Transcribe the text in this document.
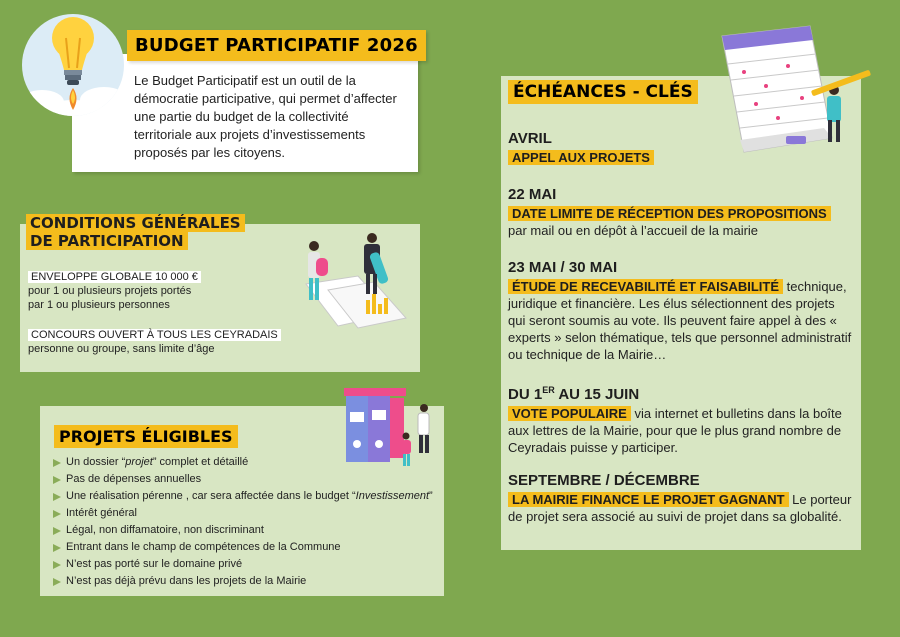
Le Budget Participatif est un outil de la démocratie participative, qui permet d’affecter une partie du budget de la collectivité territoriale aux projets d’investissements proposés par les citoyens.

BUDGET PARTICIPATIF 2026
ENVELOPPE GLOBALE 10 000 €
pour 1 ou plusieurs projets portés
par 1 ou plusieurs personnes
CONCOURS OUVERT À TOUS LES CEYRADAIS
personne ou groupe, sans limite d’âge
CONDITIONS GÉNÉRALES
DE PARTICIPATION
Un dossier “projet” complet et détaillé
Pas de dépenses annuelles
Une réalisation pérenne , car sera affectée dans le budget “Investissement”
Intérêt général
Légal, non diffamatoire, non discriminant
Entrant dans le champ de compétences de la Commune
N’est pas porté sur le domaine privé
N’est pas déjà prévu dans les projets de la Mairie
PROJETS ÉLIGIBLES
AVRIL
APPEL AUX PROJETS
22 MAI
DATE LIMITE DE RÉCEPTION DES PROPOSITIONS par mail ou en dépôt à l’accueil de la mairie
23 MAI / 30 MAI
ÉTUDE DE RECEVABILITÉ ET FAISABILITÉ technique, juridique et financière. Les élus sélectionnent des projets qui seront soumis au vote. Ils peuvent faire appel à des « experts » selon thématique, tels que personnel administratif ou technique de la Mairie…
DU 1ER AU 15 JUIN
VOTE POPULAIRE via internet et bulletins dans la boîte aux lettres de la Mairie, pour que le plus grand nombre de Ceyradais puisse y participer.
SEPTEMBRE / DÉCEMBRE
LA MAIRIE FINANCE LE PROJET GAGNANT Le porteur de projet sera associé au suivi de projet dans sa globalité.
ÉCHÉANCES - CLÉS
